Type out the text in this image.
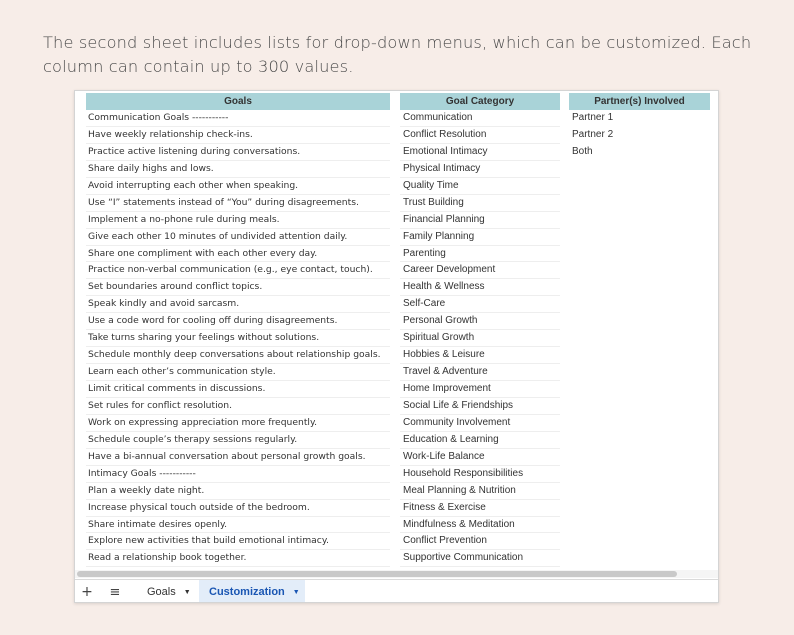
The second sheet includes lists for drop-down menus, which can be customized. Each column can contain up to 300 values.
Goals
Communication Goals -----------
Have weekly relationship check-ins.
Practice active listening during conversations.
Share daily highs and lows.
Avoid interrupting each other when speaking.
Use “I” statements instead of “You” during disagreements.
Implement a no-phone rule during meals.
Give each other 10 minutes of undivided attention daily.
Share one compliment with each other every day.
Practice non-verbal communication (e.g., eye contact, touch).
Set boundaries around conflict topics.
Speak kindly and avoid sarcasm.
Use a code word for cooling off during disagreements.
Take turns sharing your feelings without solutions.
Schedule monthly deep conversations about relationship goals.
Learn each other’s communication style.
Limit critical comments in discussions.
Set rules for conflict resolution.
Work on expressing appreciation more frequently.
Schedule couple’s therapy sessions regularly.
Have a bi-annual conversation about personal growth goals.
Intimacy Goals -----------
Plan a weekly date night.
Increase physical touch outside of the bedroom.
Share intimate desires openly.
Explore new activities that build emotional intimacy.
Read a relationship book together.
Goal Category
Communication
Conflict Resolution
Emotional Intimacy
Physical Intimacy
Quality Time
Trust Building
Financial Planning
Family Planning
Parenting
Career Development
Health & Wellness
Self-Care
Personal Growth
Spiritual Growth
Hobbies & Leisure
Travel & Adventure
Home Improvement
Social Life & Friendships
Community Involvement
Education & Learning
Work-Life Balance
Household Responsibilities
Meal Planning & Nutrition
Fitness & Exercise
Mindfulness & Meditation
Conflict Prevention
Supportive Communication
Partner(s) Involved
Partner 1
Partner 2
Both
+ ≡ Goals ▼ Customization ▼
